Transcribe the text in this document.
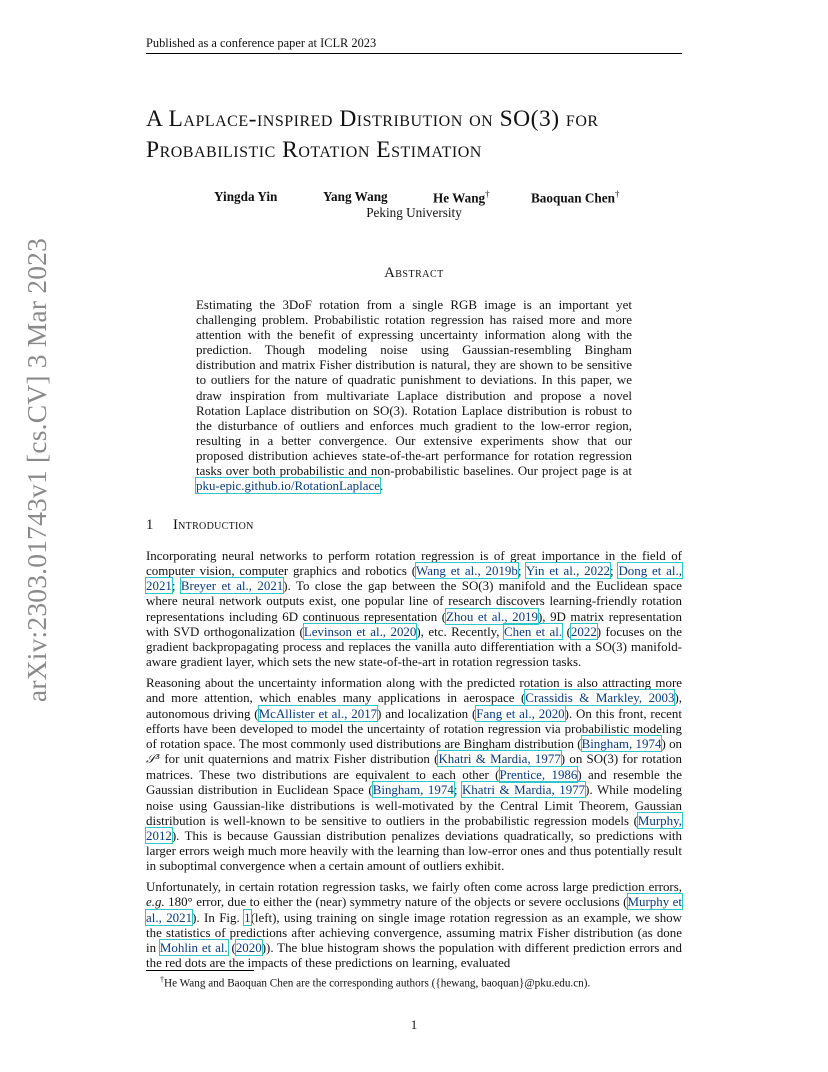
Published as a conference paper at ICLR 2023
arXiv:2303.01743v1 [cs.CV] 3 Mar 2023
A Laplace-inspired Distribution on SO(3) for
Probabilistic Rotation Estimation
Yingda Yin	Yang Wang	He Wang†	Baoquan Chen†
Peking University
Abstract
Estimating the 3DoF rotation from a single RGB image is an important yet challenging problem. Probabilistic rotation regression has raised more and more attention with the benefit of expressing uncertainty information along with the prediction. Though modeling noise using Gaussian-resembling Bingham distribution and matrix Fisher distribution is natural, they are shown to be sensitive to outliers for the nature of quadratic punishment to deviations. In this paper, we draw inspiration from multivariate Laplace distribution and propose a novel Rotation Laplace distribution on SO(3). Rotation Laplace distribution is robust to the disturbance of outliers and enforces much gradient to the low-error region, resulting in a better convergence. Our extensive experiments show that our proposed distribution achieves state-of-the-art performance for rotation regression tasks over both probabilistic and non-probabilistic baselines. Our project page is at pku-epic.github.io/RotationLaplace.
1 Introduction

Incorporating neural networks to perform rotation regression is of great importance in the field of computer vision, computer graphics and robotics (Wang et al., 2019b; Yin et al., 2022; Dong et al., 2021; Breyer et al., 2021). To close the gap between the SO(3) manifold and the Euclidean space where neural network outputs exist, one popular line of research discovers learning-friendly rotation representations including 6D continuous representation (Zhou et al., 2019), 9D matrix representation with SVD orthogonalization (Levinson et al., 2020), etc. Recently, Chen et al. (2022) focuses on the gradient backpropagating process and replaces the vanilla auto differentiation with a SO(3) manifold-aware gradient layer, which sets the new state-of-the-art in rotation regression tasks.

Reasoning about the uncertainty information along with the predicted rotation is also attracting more and more attention, which enables many applications in aerospace (Crassidis & Markley, 2003), autonomous driving (McAllister et al., 2017) and localization (Fang et al., 2020). On this front, recent efforts have been developed to model the uncertainty of rotation regression via probabilistic modeling of rotation space. The most commonly used distributions are Bingham distribution (Bingham, 1974) on 𝒮³ for unit quaternions and matrix Fisher distribution (Khatri & Mardia, 1977) on SO(3) for rotation matrices. These two distributions are equivalent to each other (Prentice, 1986) and resemble the Gaussian distribution in Euclidean Space (Bingham, 1974; Khatri & Mardia, 1977). While modeling noise using Gaussian-like distributions is well-motivated by the Central Limit Theorem, Gaussian distribution is well-known to be sensitive to outliers in the probabilistic regression models (Murphy, 2012). This is because Gaussian distribution penalizes deviations quadratically, so predictions with larger errors weigh much more heavily with the learning than low-error ones and thus potentially result in suboptimal convergence when a certain amount of outliers exhibit.

Unfortunately, in certain rotation regression tasks, we fairly often come across large prediction errors, e.g. 180° error, due to either the (near) symmetry nature of the objects or severe occlusions (Murphy et al., 2021). In Fig. 1(left), using training on single image rotation regression as an example, we show the statistics of predictions after achieving convergence, assuming matrix Fisher distribution (as done in Mohlin et al. (2020)). The blue histogram shows the population with different prediction errors and the red dots are the impacts of these predictions on learning, evaluated

†He Wang and Baoquan Chen are the corresponding authors ({hewang, baoquan}@pku.edu.cn).
1
